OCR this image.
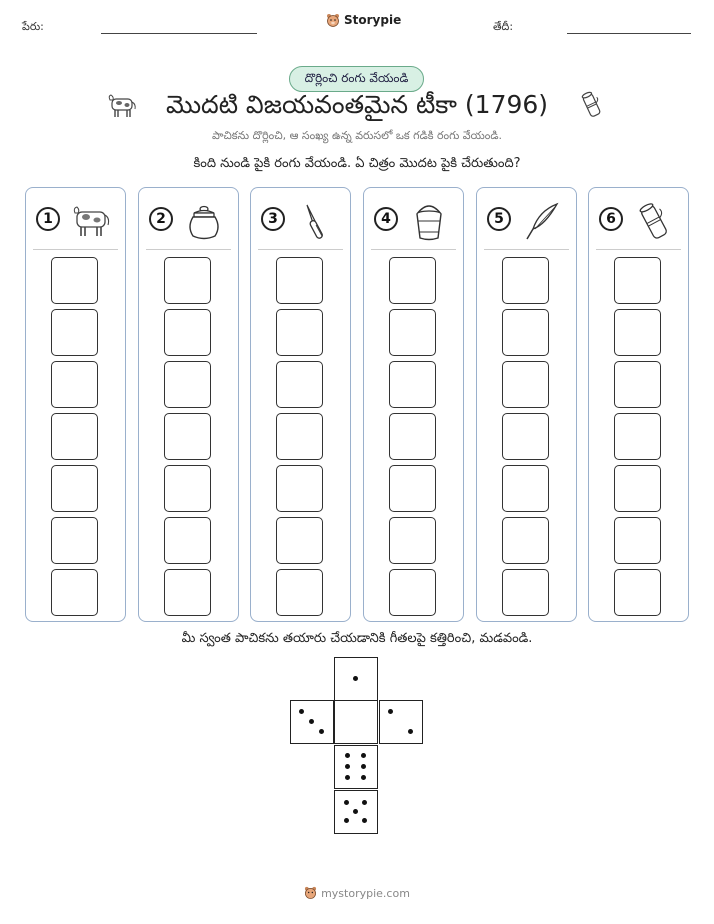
పేరు:	Storypie	తేదీ:
దొర్లించి రంగు వేయండి
మొదటి విజయవంతమైన టీకా (1796)
పాచికను దొర్లించి, ఆ సంఖ్య ఉన్న వరుసలో ఒక గడికి రంగు వేయండి.
కింది నుండి పైకి రంగు వేయండి. ఏ చిత్రం మొదట పైకి చేరుతుంది?
1	2	3	4	5	6
మీ స్వంత పాచికను తయారు చేయడానికి గీతలపై కత్తిరించి, మడవండి.
mystorypie.com
